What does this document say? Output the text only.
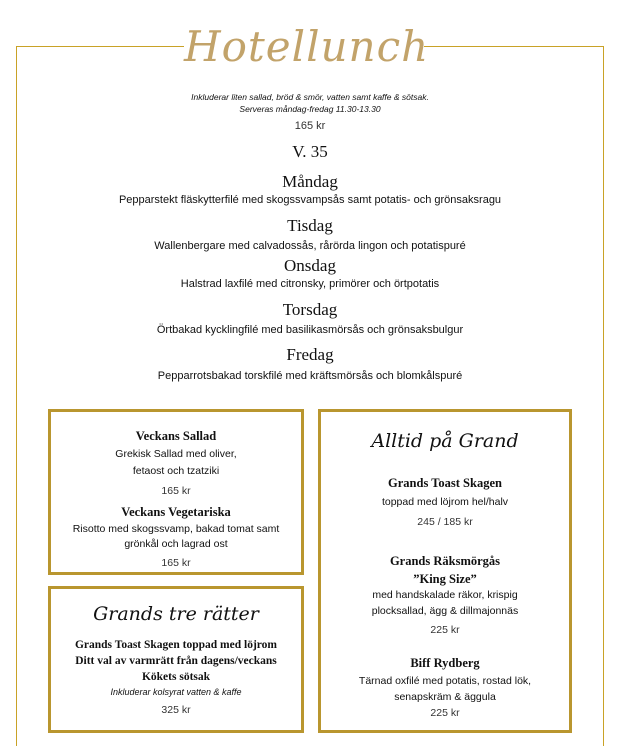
Hotellunch
Inkluderar liten sallad, bröd & smör, vatten samt kaffe & sötsak.
Serveras måndag-fredag 11.30-13.30
165 kr
V. 35
Måndag
Pepparstekt fläskytterfilé med skogssvampsås samt potatis- och grönsaksragu
Tisdag
Wallenbergare med calvadossås, rårörda lingon och potatispuré
Onsdag
Halstrad laxfilé med citronsky, primörer och örtpotatis
Torsdag
Örtbakad kycklingfilé med basilikasmörsås och grönsaksbulgur
Fredag
Pepparrotsbakad torskfilé med kräftsmörsås och blomkålspuré
Veckans Sallad
Grekisk Sallad med oliver,
fetaost och tzatziki
165 kr
Veckans Vegetariska
Risotto med skogssvamp, bakad tomat samt
grönkål och lagrad ost
165 kr
Grands tre rätter
Grands Toast Skagen toppad med löjrom
Ditt val av varmrätt från dagens/veckans
Kökets sötsak
Inkluderar kolsyrat vatten & kaffe
325 kr
Alltid på Grand
Grands Toast Skagen
toppad med löjrom hel/halv
245 / 185 kr
Grands Räksmörgås
”King Size”
med handskalade räkor, krispig
plocksallad, ägg & dillmajonnäs
225 kr
Biff Rydberg
Tärnad oxfilé med potatis, rostad lök,
senapskräm & äggula
225 kr
